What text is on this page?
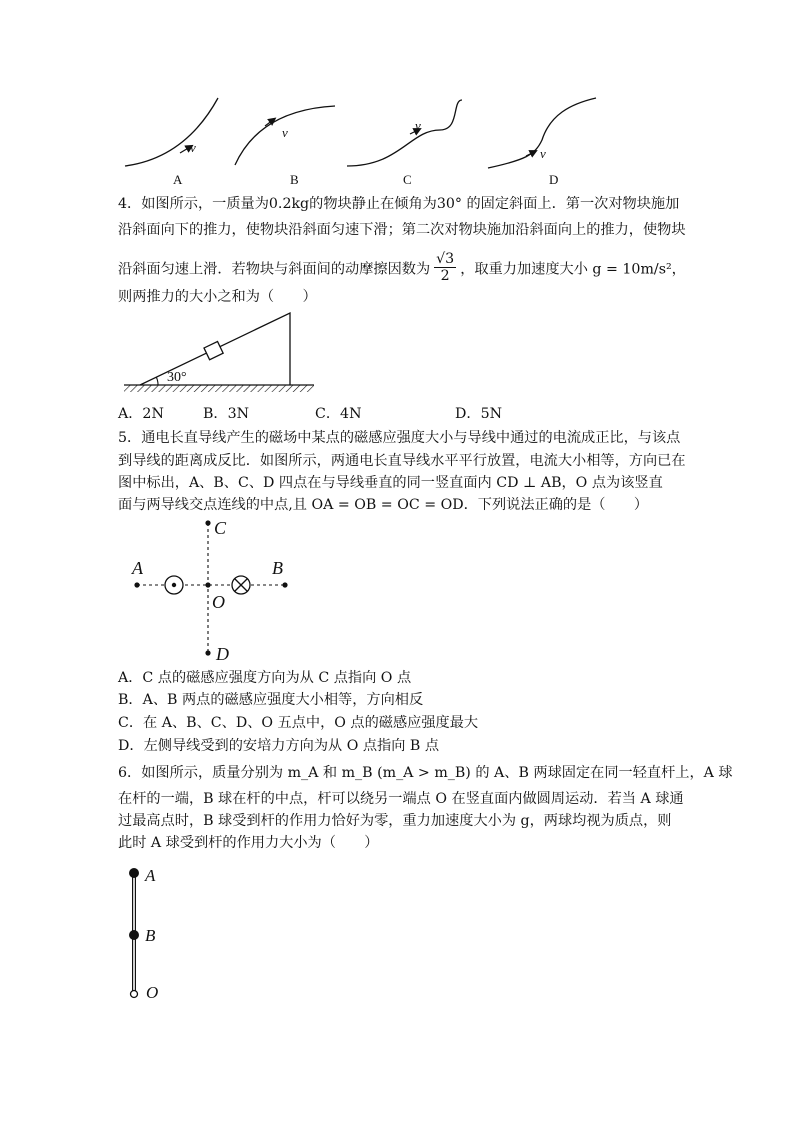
v
v	v
v
A	B	C	D
4．如图所示，一质量为0.2kg的物块静止在倾角为30° 的固定斜面上．第一次对物块施加
沿斜面向下的推力，使物块沿斜面匀速下滑；第二次对物块施加沿斜面向上的推力，使物块
沿斜面匀速上滑．若物块与斜面间的动摩擦因数为 $\frac{√3}{2}$ ，取重力加速度大小 g = 10m/s²，
则两推力的大小之和为（　　）
30°
A．2N	B．3N	C．4N	D．5N
5．通电长直导线产生的磁场中某点的磁感应强度大小与导线中通过的电流成正比，与该点
到导线的距离成反比．如图所示，两通电长直导线水平平行放置，电流大小相等，方向已在
图中标出，A、B、C、D 四点在与导线垂直的同一竖直面内 CD ⊥ AB，O 点为该竖直
面与两导线交点连线的中点,且 OA = OB = OC = OD．下列说法正确的是（　　）
A	B
C
D
O
A．C 点的磁感应强度方向为从 C 点指向 O 点
B．A、B 两点的磁感应强度大小相等，方向相反
C．在 A、B、C、D、O 五点中，O 点的磁感应强度最大
D．左侧导线受到的安培力方向为从 O 点指向 B 点
6．如图所示，质量分别为 m_A 和 m_B (m_A > m_B) 的 A、B 两球固定在同一轻直杆上，A 球
在杆的一端，B 球在杆的中点，杆可以绕另一端点 O 在竖直面内做圆周运动．若当 A 球通
过最高点时，B 球受到杆的作用力恰好为零，重力加速度大小为 g，两球均视为质点，则
此时 A 球受到杆的作用力大小为（　　）
A
B
O
